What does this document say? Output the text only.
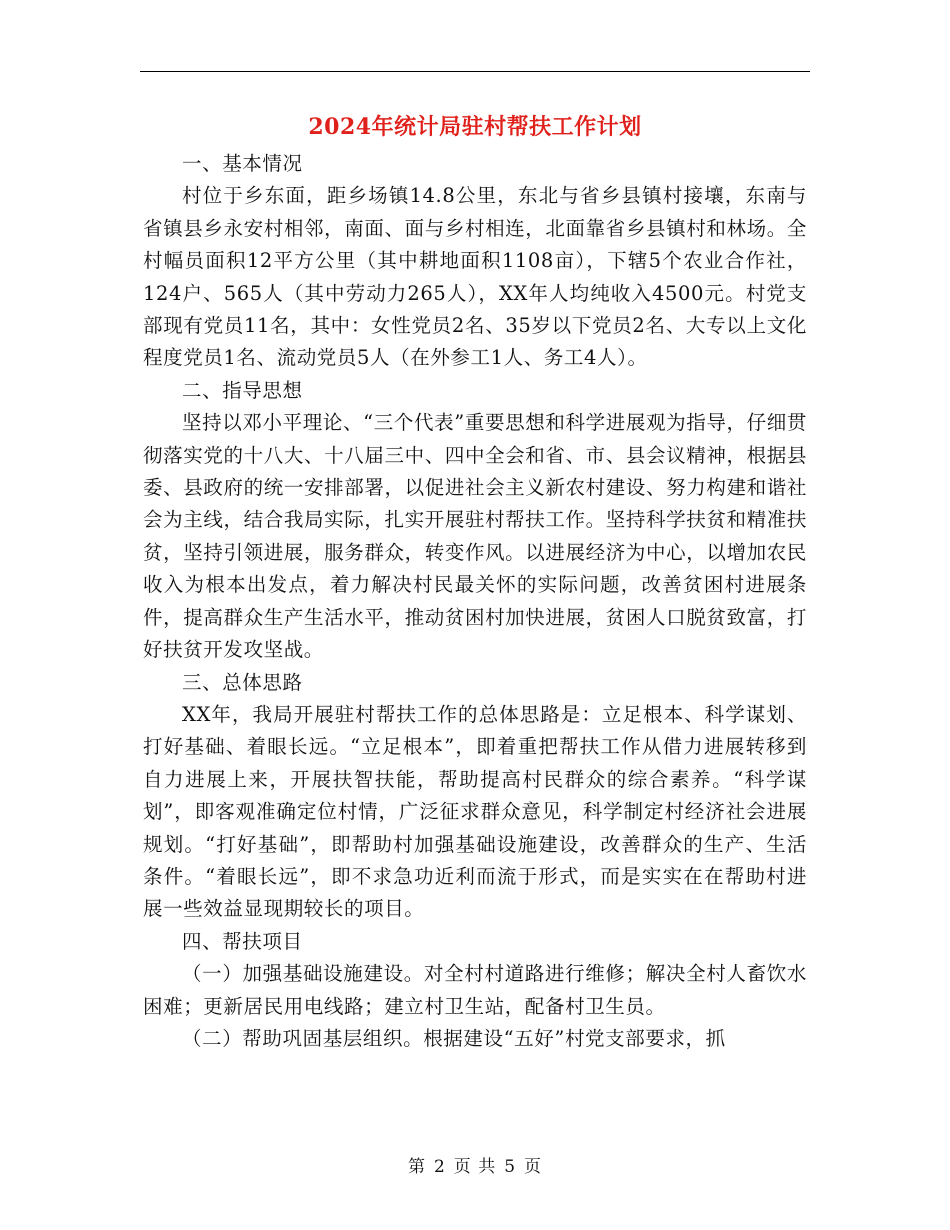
2024年统计局驻村帮扶工作计划

一、基本情况

村位于乡东面，距乡场镇14.8公里，东北与省乡县镇村接壤，东南与省镇县乡永安村相邻，南面、面与乡村相连，北面靠省乡县镇村和林场。全村幅员面积12平方公里（其中耕地面积1108亩），下辖5个农业合作社，124户、565人（其中劳动力265人），XX年人均纯收入4500元。村党支部现有党员11名，其中：女性党员2名、35岁以下党员2名、大专以上文化程度党员1名、流动党员5人（在外参工1人、务工4人）。

二、指导思想

坚持以邓小平理论、“三个代表”重要思想和科学进展观为指导，仔细贯彻落实党的十八大、十八届三中、四中全会和省、市、县会议精神，根据县委、县政府的统一安排部署，以促进社会主义新农村建设、努力构建和谐社会为主线，结合我局实际，扎实开展驻村帮扶工作。坚持科学扶贫和精准扶贫，坚持引领进展，服务群众，转变作风。以进展经济为中心，以增加农民收入为根本出发点，着力解决村民最关怀的实际问题，改善贫困村进展条件，提高群众生产生活水平，推动贫困村加快进展，贫困人口脱贫致富，打好扶贫开发攻坚战。

三、总体思路

XX年，我局开展驻村帮扶工作的总体思路是：立足根本、科学谋划、打好基础、着眼长远。“立足根本”，即着重把帮扶工作从借力进展转移到自力进展上来，开展扶智扶能，帮助提高村民群众的综合素养。“科学谋划”，即客观准确定位村情，广泛征求群众意见，科学制定村经济社会进展规划。“打好基础”，即帮助村加强基础设施建设，改善群众的生产、生活条件。“着眼长远”，即不求急功近利而流于形式，而是实实在在帮助村进展一些效益显现期较长的项目。

四、帮扶项目

（一）加强基础设施建设。对全村村道路进行维修；解决全村人畜饮水困难；更新居民用电线路；建立村卫生站，配备村卫生员。

（二）帮助巩固基层组织。根据建设“五好”村党支部要求，抓

第 2 页 共 5 页
